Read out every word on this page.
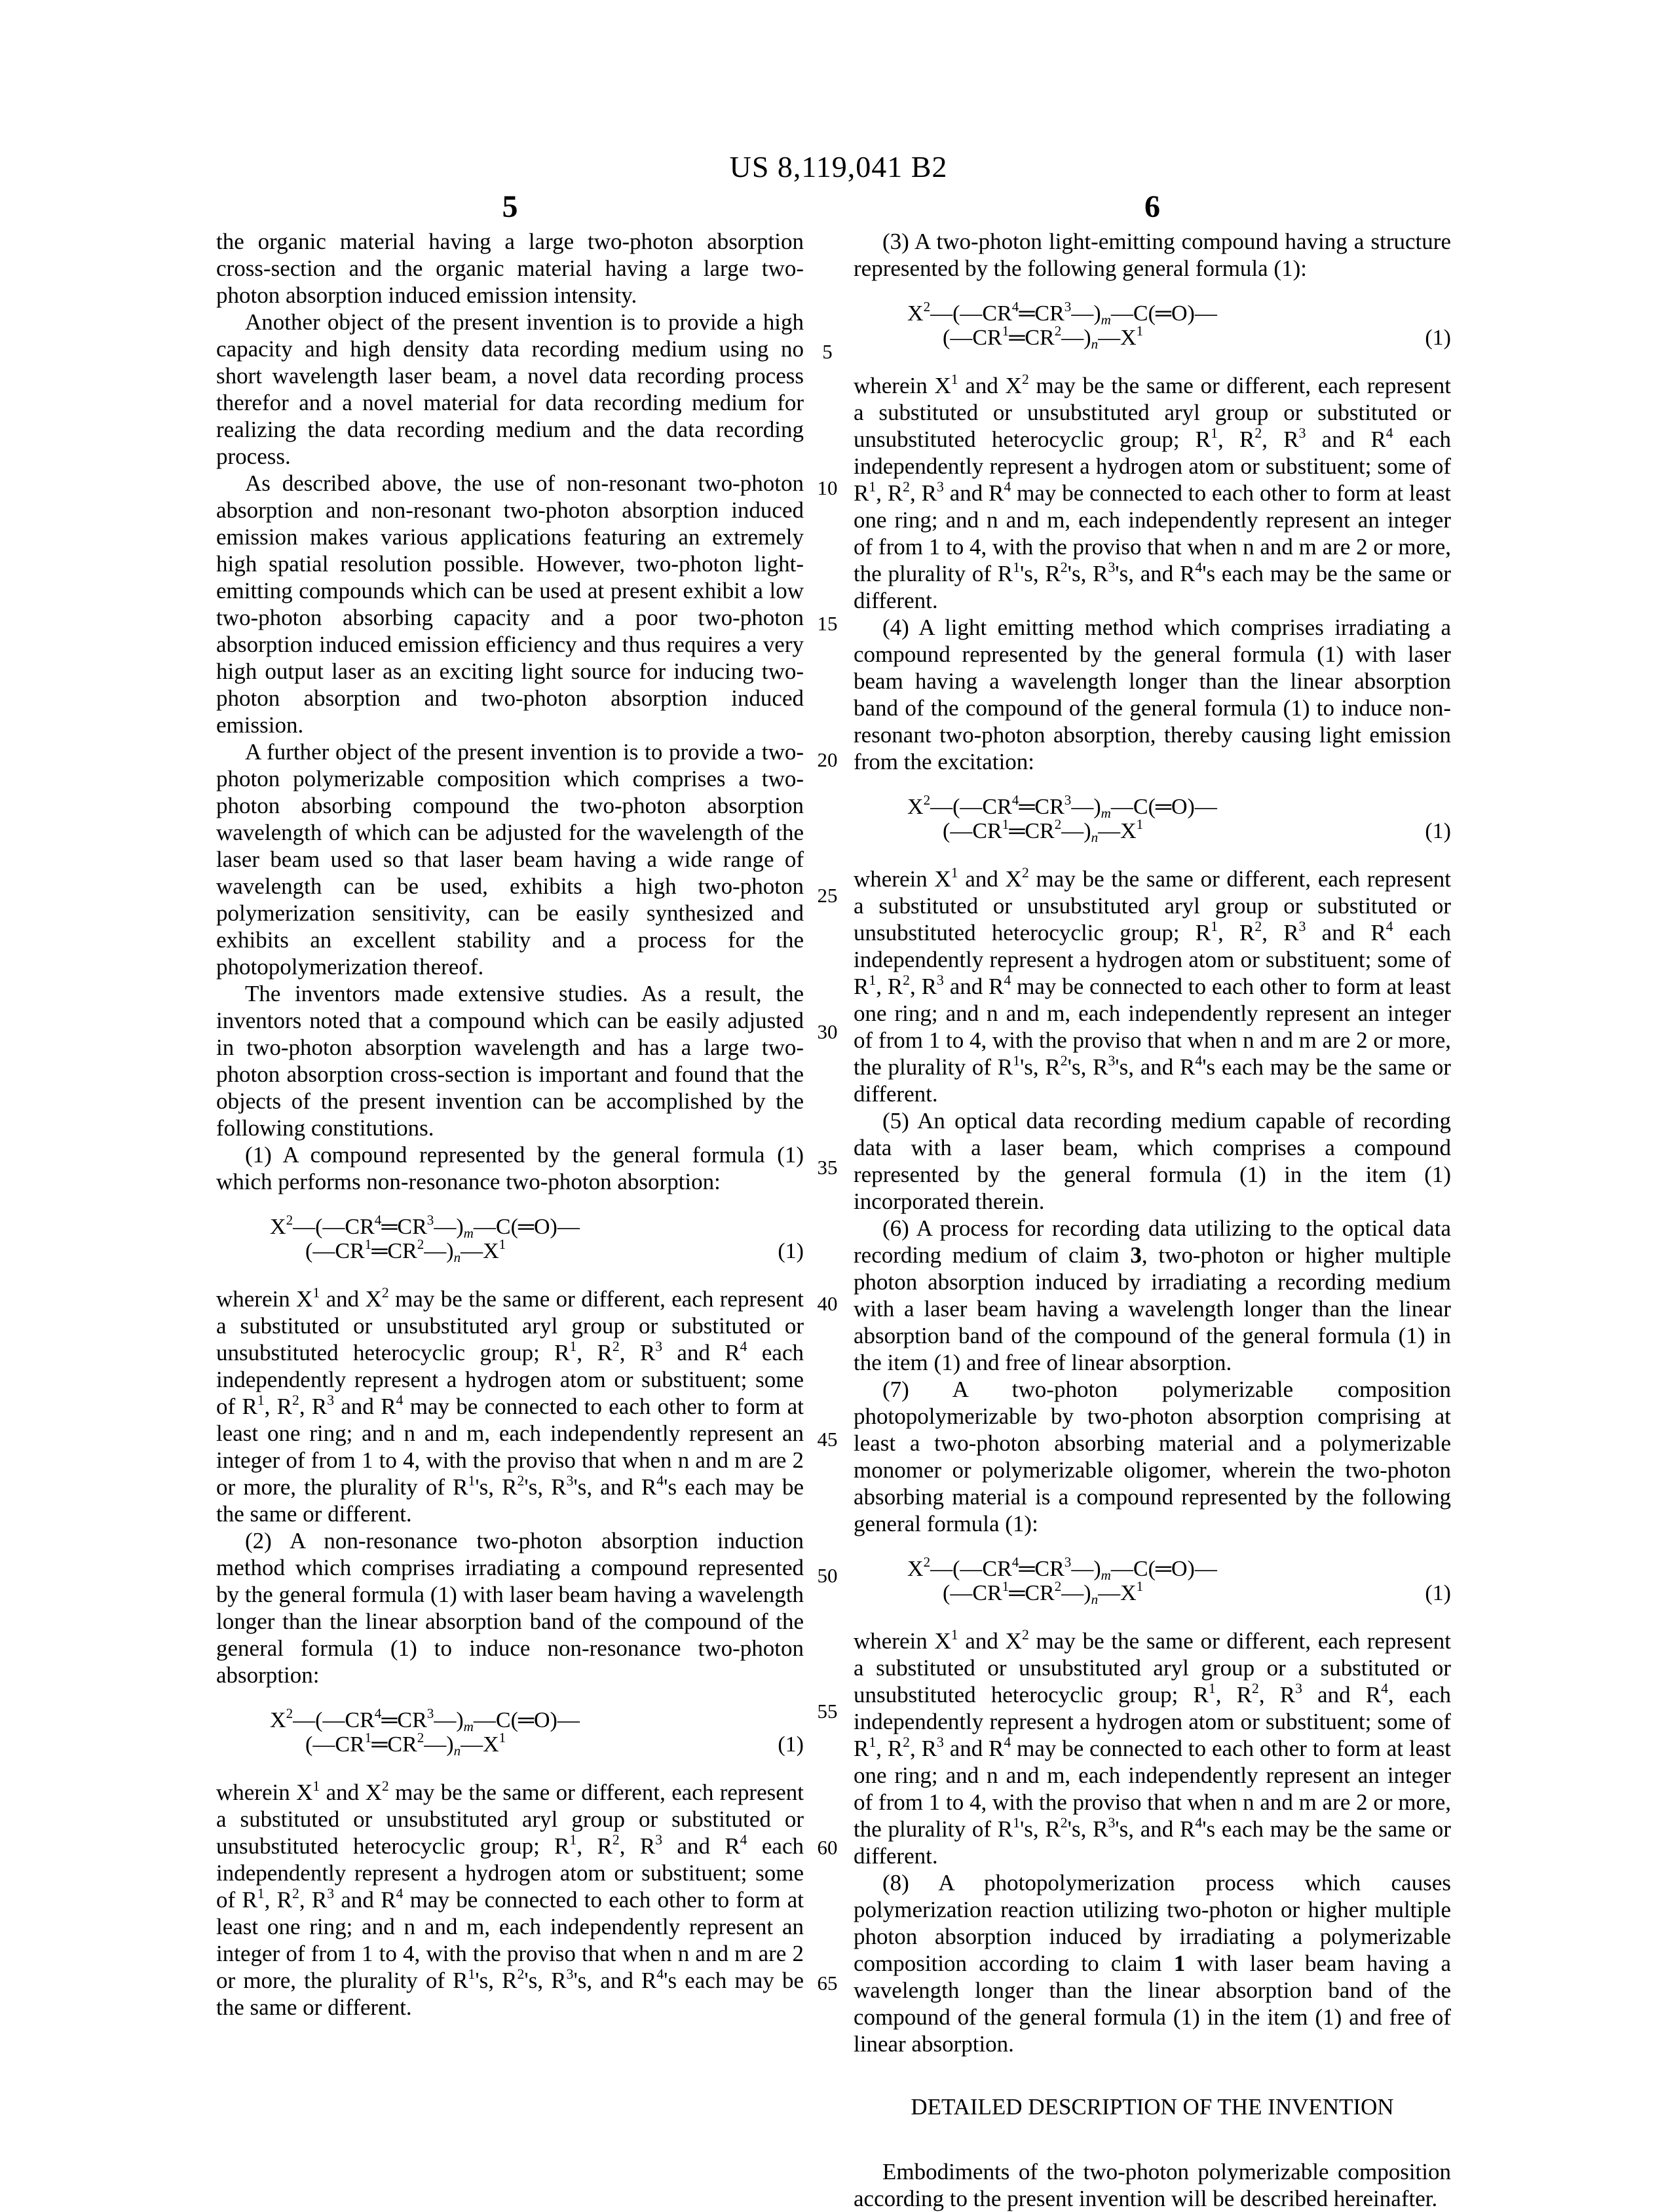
US 8,119,041 B2
5	6
5
10
15
20
25
30
35
40
45
50
55
60
65

the organic material having a large two-photon absorption cross-section and the organic material having a large two-photon absorption induced emission intensity.

Another object of the present invention is to provide a high capacity and high density data recording medium using no short wavelength laser beam, a novel data recording process therefor and a novel material for data recording medium for realizing the data recording medium and the data recording process.

As described above, the use of non-resonant two-photon absorption and non-resonant two-photon absorption induced emission makes various applications featuring an extremely high spatial resolution possible. However, two-photon light-emitting compounds which can be used at present exhibit a low two-photon absorbing capacity and a poor two-photon absorption induced emission efficiency and thus requires a very high output laser as an exciting light source for inducing two-photon absorption and two-photon absorption induced emission.

A further object of the present invention is to provide a two-photon polymerizable composition which comprises a two-photon absorbing compound the two-photon absorption wavelength of which can be adjusted for the wavelength of the laser beam used so that laser beam having a wide range of wavelength can be used, exhibits a high two-photon polymerization sensitivity, can be easily synthesized and exhibits an excellent stability and a process for the photopolymerization thereof.

The inventors made extensive studies. As a result, the inventors noted that a compound which can be easily adjusted in two-photon absorption wavelength and has a large two-photon absorption cross-section is important and found that the objects of the present invention can be accomplished by the following constitutions.

(1) A compound represented by the general formula (1) which performs non-resonance two-photon absorption:

$X^2—(—CR^4═CR^3—)_m—C(═O)—$
$(—CR^1═CR^2—)_n—X^1$	(1)

wherein $X^1$ and $X^2$ may be the same or different, each represent a substituted or unsubstituted aryl group or substituted or unsubstituted heterocyclic group; $R^1$, $R^2$, $R^3$ and $R^4$ each independently represent a hydrogen atom or substituent; some of $R^1$, $R^2$, $R^3$ and $R^4$ may be connected to each other to form at least one ring; and n and m, each independently represent an integer of from 1 to 4, with the proviso that when n and m are 2 or more, the plurality of $R^1's$, $R^2's$, $R^3's$, and $R^4's$ each may be the same or different.

(2) A non-resonance two-photon absorption induction method which comprises irradiating a compound represented by the general formula (1) with laser beam having a wavelength longer than the linear absorption band of the compound of the general formula (1) to induce non-resonance two-photon absorption:

$X^2—(—CR^4═CR^3—)_m—C(═O)—$
$(—CR^1═CR^2—)_n—X^1$	(1)

wherein $X^1$ and $X^2$ may be the same or different, each represent a substituted or unsubstituted aryl group or substituted or unsubstituted heterocyclic group; $R^1$, $R^2$, $R^3$ and $R^4$ each independently represent a hydrogen atom or substituent; some of $R^1$, $R^2$, $R^3$ and $R^4$ may be connected to each other to form at least one ring; and n and m, each independently represent an integer of from 1 to 4, with the proviso that when n and m are 2 or more, the plurality of $R^1's$, $R^2's$, $R^3's$, and $R^4's$ each may be the same or different.

(3) A two-photon light-emitting compound having a structure represented by the following general formula (1):

$X^2—(—CR^4═CR^3—)_m—C(═O)—$
$(—CR^1═CR^2—)_n—X^1$	(1)

wherein $X^1$ and $X^2$ may be the same or different, each represent a substituted or unsubstituted aryl group or substituted or unsubstituted heterocyclic group; $R^1$, $R^2$, $R^3$ and $R^4$ each independently represent a hydrogen atom or substituent; some of $R^1$, $R^2$, $R^3$ and $R^4$ may be connected to each other to form at least one ring; and n and m, each independently represent an integer of from 1 to 4, with the proviso that when n and m are 2 or more, the plurality of $R^1's$, $R^2's$, $R^3's$, and $R^4's$ each may be the same or different.

(4) A light emitting method which comprises irradiating a compound represented by the general formula (1) with laser beam having a wavelength longer than the linear absorption band of the compound of the general formula (1) to induce non-resonant two-photon absorption, thereby causing light emission from the excitation:

$X^2—(—CR^4═CR^3—)_m—C(═O)—$
$(—CR^1═CR^2—)_n—X^1$	(1)

wherein $X^1$ and $X^2$ may be the same or different, each represent a substituted or unsubstituted aryl group or substituted or unsubstituted heterocyclic group; $R^1$, $R^2$, $R^3$ and $R^4$ each independently represent a hydrogen atom or substituent; some of $R^1$, $R^2$, $R^3$ and $R^4$ may be connected to each other to form at least one ring; and n and m, each independently represent an integer of from 1 to 4, with the proviso that when n and m are 2 or more, the plurality of $R^1's$, $R^2's$, $R^3's$, and $R^4's$ each may be the same or different.

(5) An optical data recording medium capable of recording data with a laser beam, which comprises a compound represented by the general formula (1) in the item (1) incorporated therein.

(6) A process for recording data utilizing to the optical data recording medium of claim 3, two-photon or higher multiple photon absorption induced by irradiating a recording medium with a laser beam having a wavelength longer than the linear absorption band of the compound of the general formula (1) in the item (1) and free of linear absorption.

(7) A two-photon polymerizable composition photopolymerizable by two-photon absorption comprising at least a two-photon absorbing material and a polymerizable monomer or polymerizable oligomer, wherein the two-photon absorbing material is a compound represented by the following general formula (1):

$X^2—(—CR^4═CR^3—)_m—C(═O)—$
$(—CR^1═CR^2—)_n—X^1$	(1)

wherein $X^1$ and $X^2$ may be the same or different, each represent a substituted or unsubstituted aryl group or a substituted or unsubstituted heterocyclic group; $R^1$, $R^2$, $R^3$ and $R^4$, each independently represent a hydrogen atom or substituent; some of $R^1$, $R^2$, $R^3$ and $R^4$ may be connected to each other to form at least one ring; and n and m, each independently represent an integer of from 1 to 4, with the proviso that when n and m are 2 or more, the plurality of $R^1's$, $R^2's$, $R^3's$, and $R^4's$ each may be the same or different.

(8) A photopolymerization process which causes polymerization reaction utilizing two-photon or higher multiple photon absorption induced by irradiating a polymerizable composition according to claim 1 with laser beam having a wavelength longer than the linear absorption band of the compound of the general formula (1) in the item (1) and free of linear absorption.

DETAILED DESCRIPTION OF THE INVENTION

Embodiments of the two-photon polymerizable composition according to the present invention will be described hereinafter.
